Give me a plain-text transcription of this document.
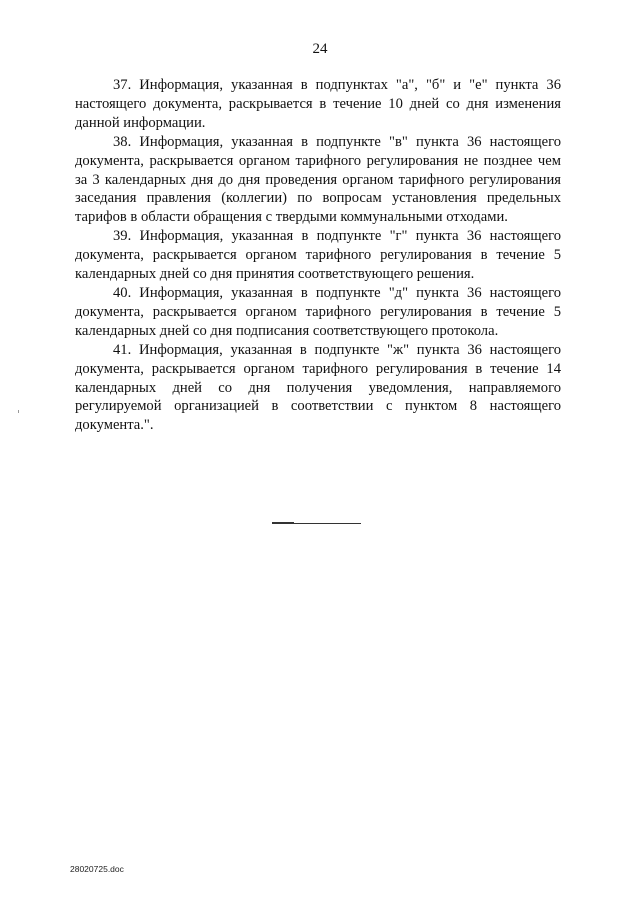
24

37. Информация, указанная в подпунктах "а", "б" и "е" пункта 36 настоящего документа, раскрывается в течение 10 дней со дня изменения данной информации.

38. Информация, указанная в подпункте "в" пункта 36 настоящего документа, раскрывается органом тарифного регулирования не позднее чем за 3 календарных дня до дня проведения органом тарифного регулирования заседания правления (коллегии) по вопросам установления предельных тарифов в области обращения с твердыми коммунальными отходами.

39. Информация, указанная в подпункте "г" пункта 36 настоящего документа, раскрывается органом тарифного регулирования в течение 5 календарных дней со дня принятия соответствующего решения.

40. Информация, указанная в подпункте "д" пункта 36 настоящего документа, раскрывается органом тарифного регулирования в течение 5 календарных дней со дня подписания соответствующего протокола.

41. Информация, указанная в подпункте "ж" пункта 36 настоящего документа, раскрывается органом тарифного регулирования в течение 14 календарных дней со дня получения уведомления, направляемого регулируемой организацией в соответствии с пунктом 8 настоящего документа.".

28020725.doc
